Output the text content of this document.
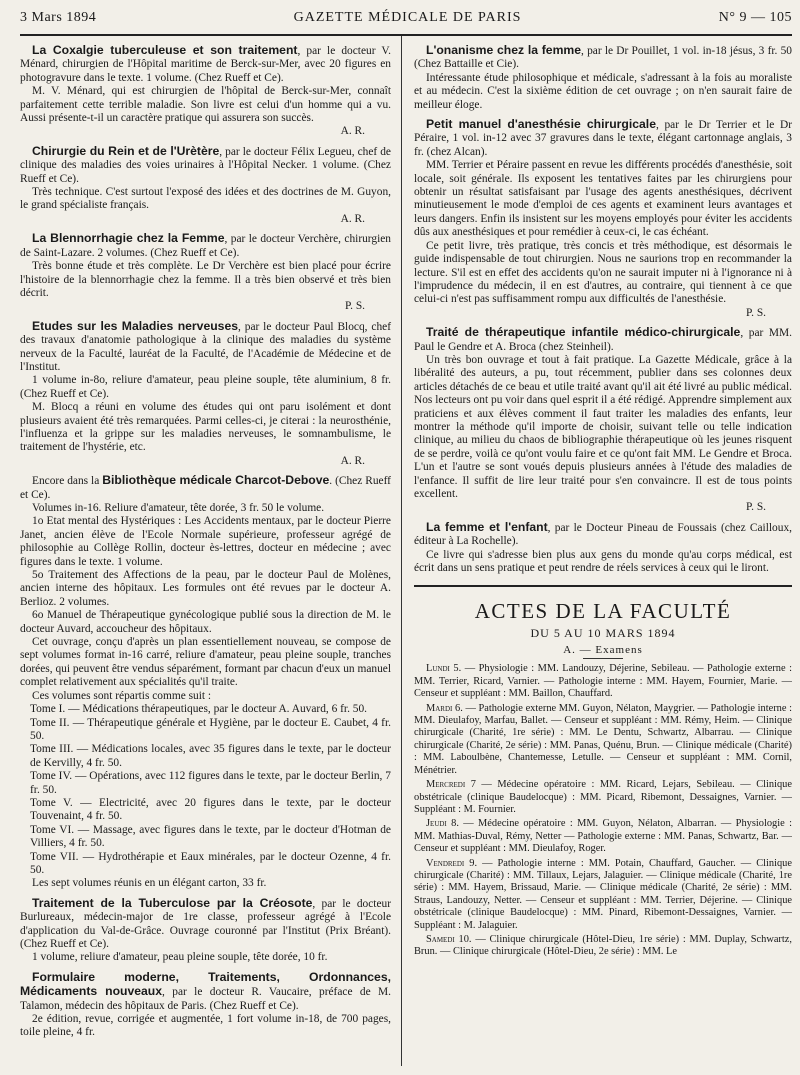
3 Mars 1894	GAZETTE MÉDICALE DE PARIS	N° 9 — 105

La Coxalgie tuberculeuse et son traitement, par le docteur V. Ménard, chirurgien de l'Hôpital maritime de Berck-sur-Mer, avec 20 figures en photogravure dans le texte. 1 volume. (Chez Rueff et Ce).

M. V. Ménard, qui est chirurgien de l'hôpital de Berck-sur-Mer, connaît parfaitement cette terrible maladie. Son livre est celui d'un homme qui a vu. Aussi présente-t-il un caractère pratique qui assurera son succès.

A. R.

Chirurgie du Rein et de l'Urètère, par le docteur Félix Legueu, chef de clinique des maladies des voies urinaires à l'Hôpital Necker. 1 volume. (Chez Rueff et Ce).

Très technique. C'est surtout l'exposé des idées et des doctrines de M. Guyon, le grand spécialiste français.

A. R.

La Blennorrhagie chez la Femme, par le docteur Verchère, chirurgien de Saint-Lazare. 2 volumes. (Chez Rueff et Ce).

Très bonne étude et très complète. Le Dr Verchère est bien placé pour écrire l'histoire de la blennorrhagie chez la femme. Il a très bien observé et très bien décrit.

P. S.

Etudes sur les Maladies nerveuses, par le docteur Paul Blocq, chef des travaux d'anatomie pathologique à la clinique des maladies du système nerveux de la Faculté, lauréat de la Faculté, de l'Académie de Médecine et de l'Institut.

1 volume in-8o, reliure d'amateur, peau pleine souple, tête aluminium, 8 fr. (Chez Rueff et Ce).

M. Blocq a réuni en volume des études qui ont paru isolément et dont plusieurs avaient été très remarquées. Parmi celles-ci, je citerai : la neurosthénie, l'influenza et la grippe sur les maladies nerveuses, le somnambulisme, le traitement de l'hystérie, etc.

A. R.

Encore dans la Bibliothèque médicale Charcot-Debove. (Chez Rueff et Ce).

Volumes in-16. Reliure d'amateur, tête dorée, 3 fr. 50 le volume.

1o Etat mental des Hystériques : Les Accidents mentaux, par le docteur Pierre Janet, ancien élève de l'Ecole Normale supérieure, professeur agrégé de philosophie au Collège Rollin, docteur ès-lettres, docteur en médecine ; avec figures dans le texte. 1 volume.

5o Traitement des Affections de la peau, par le docteur Paul de Molènes, ancien interne des hôpitaux. Les formules ont été revues par le docteur A. Berlioz. 2 volumes.

6o Manuel de Thérapeutique gynécologique publié sous la direction de M. le docteur Auvard, accoucheur des hôpitaux.

Cet ouvrage, conçu d'après un plan essentiellement nouveau, se compose de sept volumes format in-16 carré, reliure d'amateur, peau pleine souple, tranches dorées, qui peuvent être vendus séparément, formant par chacun d'eux un manuel complet relativement aux spécialités qu'il traite.

Ces volumes sont répartis comme suit :

Tome I. — Médications thérapeutiques, par le docteur A. Auvard, 6 fr. 50.

Tome II. — Thérapeutique générale et Hygiène, par le docteur E. Caubet, 4 fr. 50.

Tome III. — Médications locales, avec 35 figures dans le texte, par le docteur de Kervilly, 4 fr. 50.

Tome IV. — Opérations, avec 112 figures dans le texte, par le docteur Berlin, 7 fr. 50.

Tome V. — Electricité, avec 20 figures dans le texte, par le docteur Touvenaint, 4 fr. 50.

Tome VI. — Massage, avec figures dans le texte, par le docteur d'Hotman de Villiers, 4 fr. 50.

Tome VII. — Hydrothérapie et Eaux minérales, par le docteur Ozenne, 4 fr. 50.

Les sept volumes réunis en un élégant carton, 33 fr.

Traitement de la Tuberculose par la Créosote, par le docteur Burlureaux, médecin-major de 1re classe, professeur agrégé à l'Ecole d'application du Val-de-Grâce. Ouvrage couronné par l'Institut (Prix Bréant). (Chez Rueff et Ce).

1 volume, reliure d'amateur, peau pleine souple, tête dorée, 10 fr.

Formulaire moderne, Traitements, Ordonnances, Médicaments nouveaux, par le docteur R. Vaucaire, préface de M. Talamon, médecin des hôpitaux de Paris. (Chez Rueff et Ce).

2e édition, revue, corrigée et augmentée, 1 fort volume in-18, de 700 pages, toile pleine, 4 fr.

L'onanisme chez la femme, par le Dr Pouillet, 1 vol. in-18 jésus, 3 fr. 50 (Chez Battaille et Cie).

Intéressante étude philosophique et médicale, s'adressant à la fois au moraliste et au médecin. C'est la sixième édition de cet ouvrage ; on n'en saurait faire de meilleur éloge.

Petit manuel d'anesthésie chirurgicale, par le Dr Terrier et le Dr Péraire, 1 vol. in-12 avec 37 gravures dans le texte, élégant cartonnage anglais, 3 fr. (chez Alcan).

MM. Terrier et Péraire passent en revue les différents procédés d'anesthésie, soit locale, soit générale. Ils exposent les tentatives faites par les chirurgiens pour obtenir un résultat satisfaisant par l'usage des agents anesthésiques, décrivent minutieusement le mode d'emploi de ces agents et examinent leurs avantages et leurs dangers. Enfin ils insistent sur les moyens employés pour éviter les accidents dûs aux anesthésiques et pour remédier à ceux-ci, le cas échéant.

Ce petit livre, très pratique, très concis et très méthodique, est désormais le guide indispensable de tout chirurgien. Nous ne saurions trop en recommander la lecture. S'il est en effet des accidents qu'on ne saurait imputer ni à l'ignorance ni à l'imprudence du médecin, il en est d'autres, au contraire, qui tiennent à ce que celui-ci n'est pas suffisamment rompu aux difficultés de l'anesthésie.

P. S.

Traité de thérapeutique infantile médico-chirurgicale, par MM. Paul le Gendre et A. Broca (chez Steinheil).

Un très bon ouvrage et tout à fait pratique. La Gazette Médicale, grâce à la libéralité des auteurs, a pu, tout récemment, publier dans ses colonnes deux articles détachés de ce beau et utile traité avant qu'il ait été livré au public médical. Nos lecteurs ont pu voir dans quel esprit il a été rédigé. Apprendre simplement aux praticiens et aux élèves comment il faut traiter les maladies des enfants, leur montrer la méthode qu'il importe de choisir, suivant telle ou telle indication clinique, au milieu du chaos de bibliographie thérapeutique où les jeunes risquent de se perdre, voilà ce qu'ont voulu faire et ce qu'ont fait MM. Le Gendre et Broca. L'un et l'autre se sont voués depuis plusieurs années à l'étude des maladies de l'enfance. Il suffit de lire leur traité pour s'en convaincre. Il est de tous points excellent.

P. S.

La femme et l'enfant, par le Docteur Pineau de Foussais (chez Cailloux, éditeur à La Rochelle).

Ce livre qui s'adresse bien plus aux gens du monde qu'au corps médical, est écrit dans un sens pratique et peut rendre de réels services à ceux qui le liront.

ACTES DE LA FACULTÉ
DU 5 AU 10 MARS 1894
A. — Examens

Lundi 5. — Physiologie : MM. Landouzy, Déjerine, Sebileau. — Pathologie externe : MM. Terrier, Ricard, Varnier. — Pathologie interne : MM. Hayem, Fournier, Marie. — Censeur et suppléant : MM. Baillon, Chauffard.

Mardi 6. — Pathologie externe MM. Guyon, Nélaton, Maygrier. — Pathologie interne : MM. Dieulafoy, Marfau, Ballet. — Censeur et suppléant : MM. Rémy, Heim. — Clinique chirurgicale (Charité, 1re série) : MM. Le Dentu, Schwartz, Albarrau. — Clinique chirurgicale (Charité, 2e série) : MM. Panas, Quénu, Brun. — Clinique médicale (Charité) : MM. Laboulbène, Chantemesse, Letulle. — Censeur et suppléant : MM. Cornil, Ménétrier.

Mercredi 7 — Médecine opératoire : MM. Ricard, Lejars, Sebileau. — Clinique obstétricale (clinique Baudelocque) : MM. Picard, Ribemont, Dessaignes, Varnier. — Suppléant : M. Fournier.

Jeudi 8. — Médecine opératoire : MM. Guyon, Nélaton, Albarran. — Physiologie : MM. Mathias-Duval, Rémy, Netter — Pathologie externe : MM. Panas, Schwartz, Bar. — Censeur et suppléant : MM. Dieulafoy, Roger.

Vendredi 9. — Pathologie interne : MM. Potain, Chauffard, Gaucher. — Clinique chirurgicale (Charité) : MM. Tillaux, Lejars, Jalaguier. — Clinique médicale (Charité, 1re série) : MM. Hayem, Brissaud, Marie. — Clinique médicale (Charité, 2e série) : MM. Straus, Landouzy, Netter. — Censeur et suppléant : MM. Terrier, Déjerine. — Clinique obstétricale (clinique Baudelocque) : MM. Pinard, Ribemont-Dessaignes, Varnier. — Suppléant : M. Jalaguier.

Samedi 10. — Clinique chirurgicale (Hôtel-Dieu, 1re série) : MM. Duplay, Schwartz, Brun. — Clinique chirurgicale (Hôtel-Dieu, 2e série) : MM. Le
